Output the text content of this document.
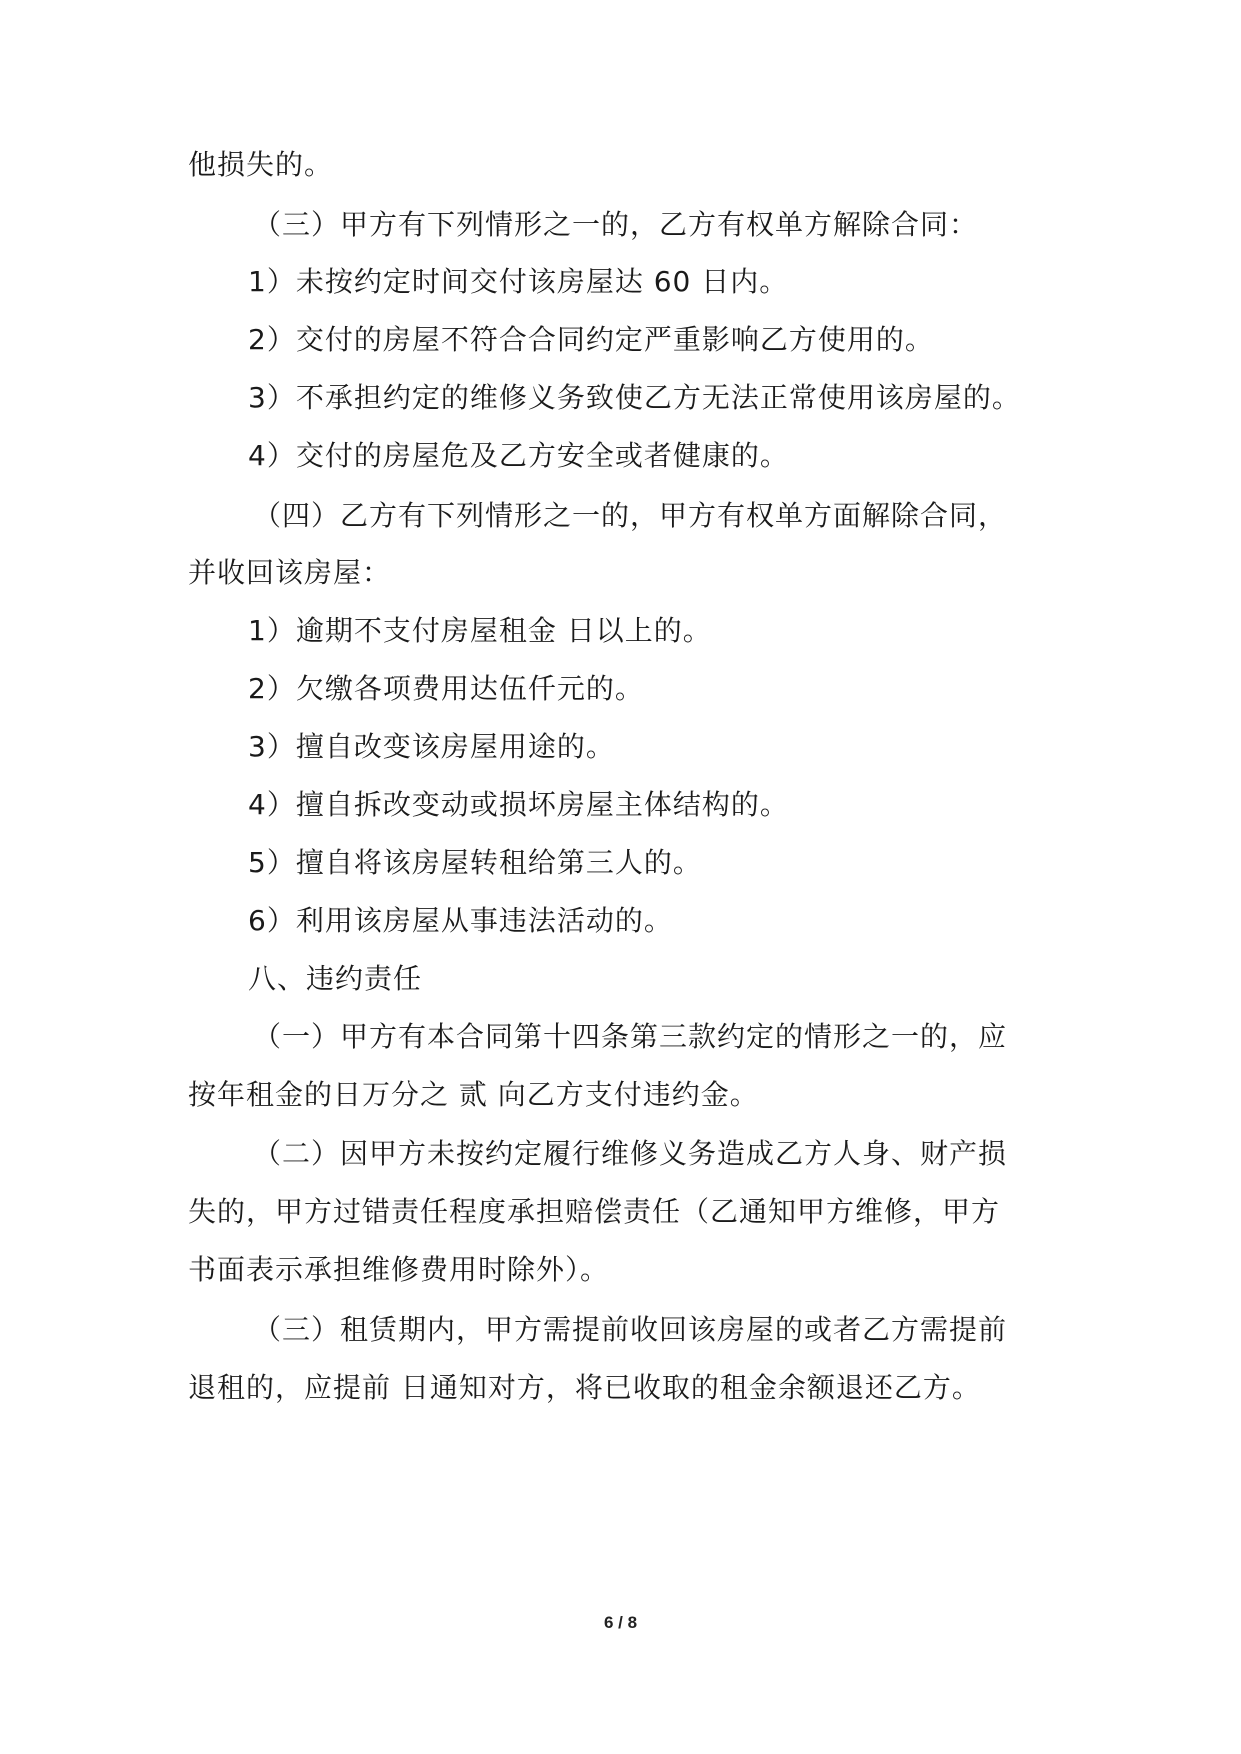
他损失的。
（三）甲方有下列情形之一的，乙方有权单方解除合同：
1）未按约定时间交付该房屋达 60 日内。
2）交付的房屋不符合合同约定严重影响乙方使用的。
3）不承担约定的维修义务致使乙方无法正常使用该房屋的。
4）交付的房屋危及乙方安全或者健康的。
（四）乙方有下列情形之一的，甲方有权单方面解除合同，
并收回该房屋：
1）逾期不支付房屋租金 日以上的。
2）欠缴各项费用达伍仟元的。
3）擅自改变该房屋用途的。
4）擅自拆改变动或损坏房屋主体结构的。
5）擅自将该房屋转租给第三人的。
6）利用该房屋从事违法活动的。
八、违约责任
（一）甲方有本合同第十四条第三款约定的情形之一的，应
按年租金的日万分之 贰 向乙方支付违约金。
（二）因甲方未按约定履行维修义务造成乙方人身、财产损
失的，甲方过错责任程度承担赔偿责任（乙通知甲方维修，甲方
书面表示承担维修费用时除外）。
（三）租赁期内，甲方需提前收回该房屋的或者乙方需提前
退租的，应提前 日通知对方，将已收取的租金余额退还乙方。
6 / 8
